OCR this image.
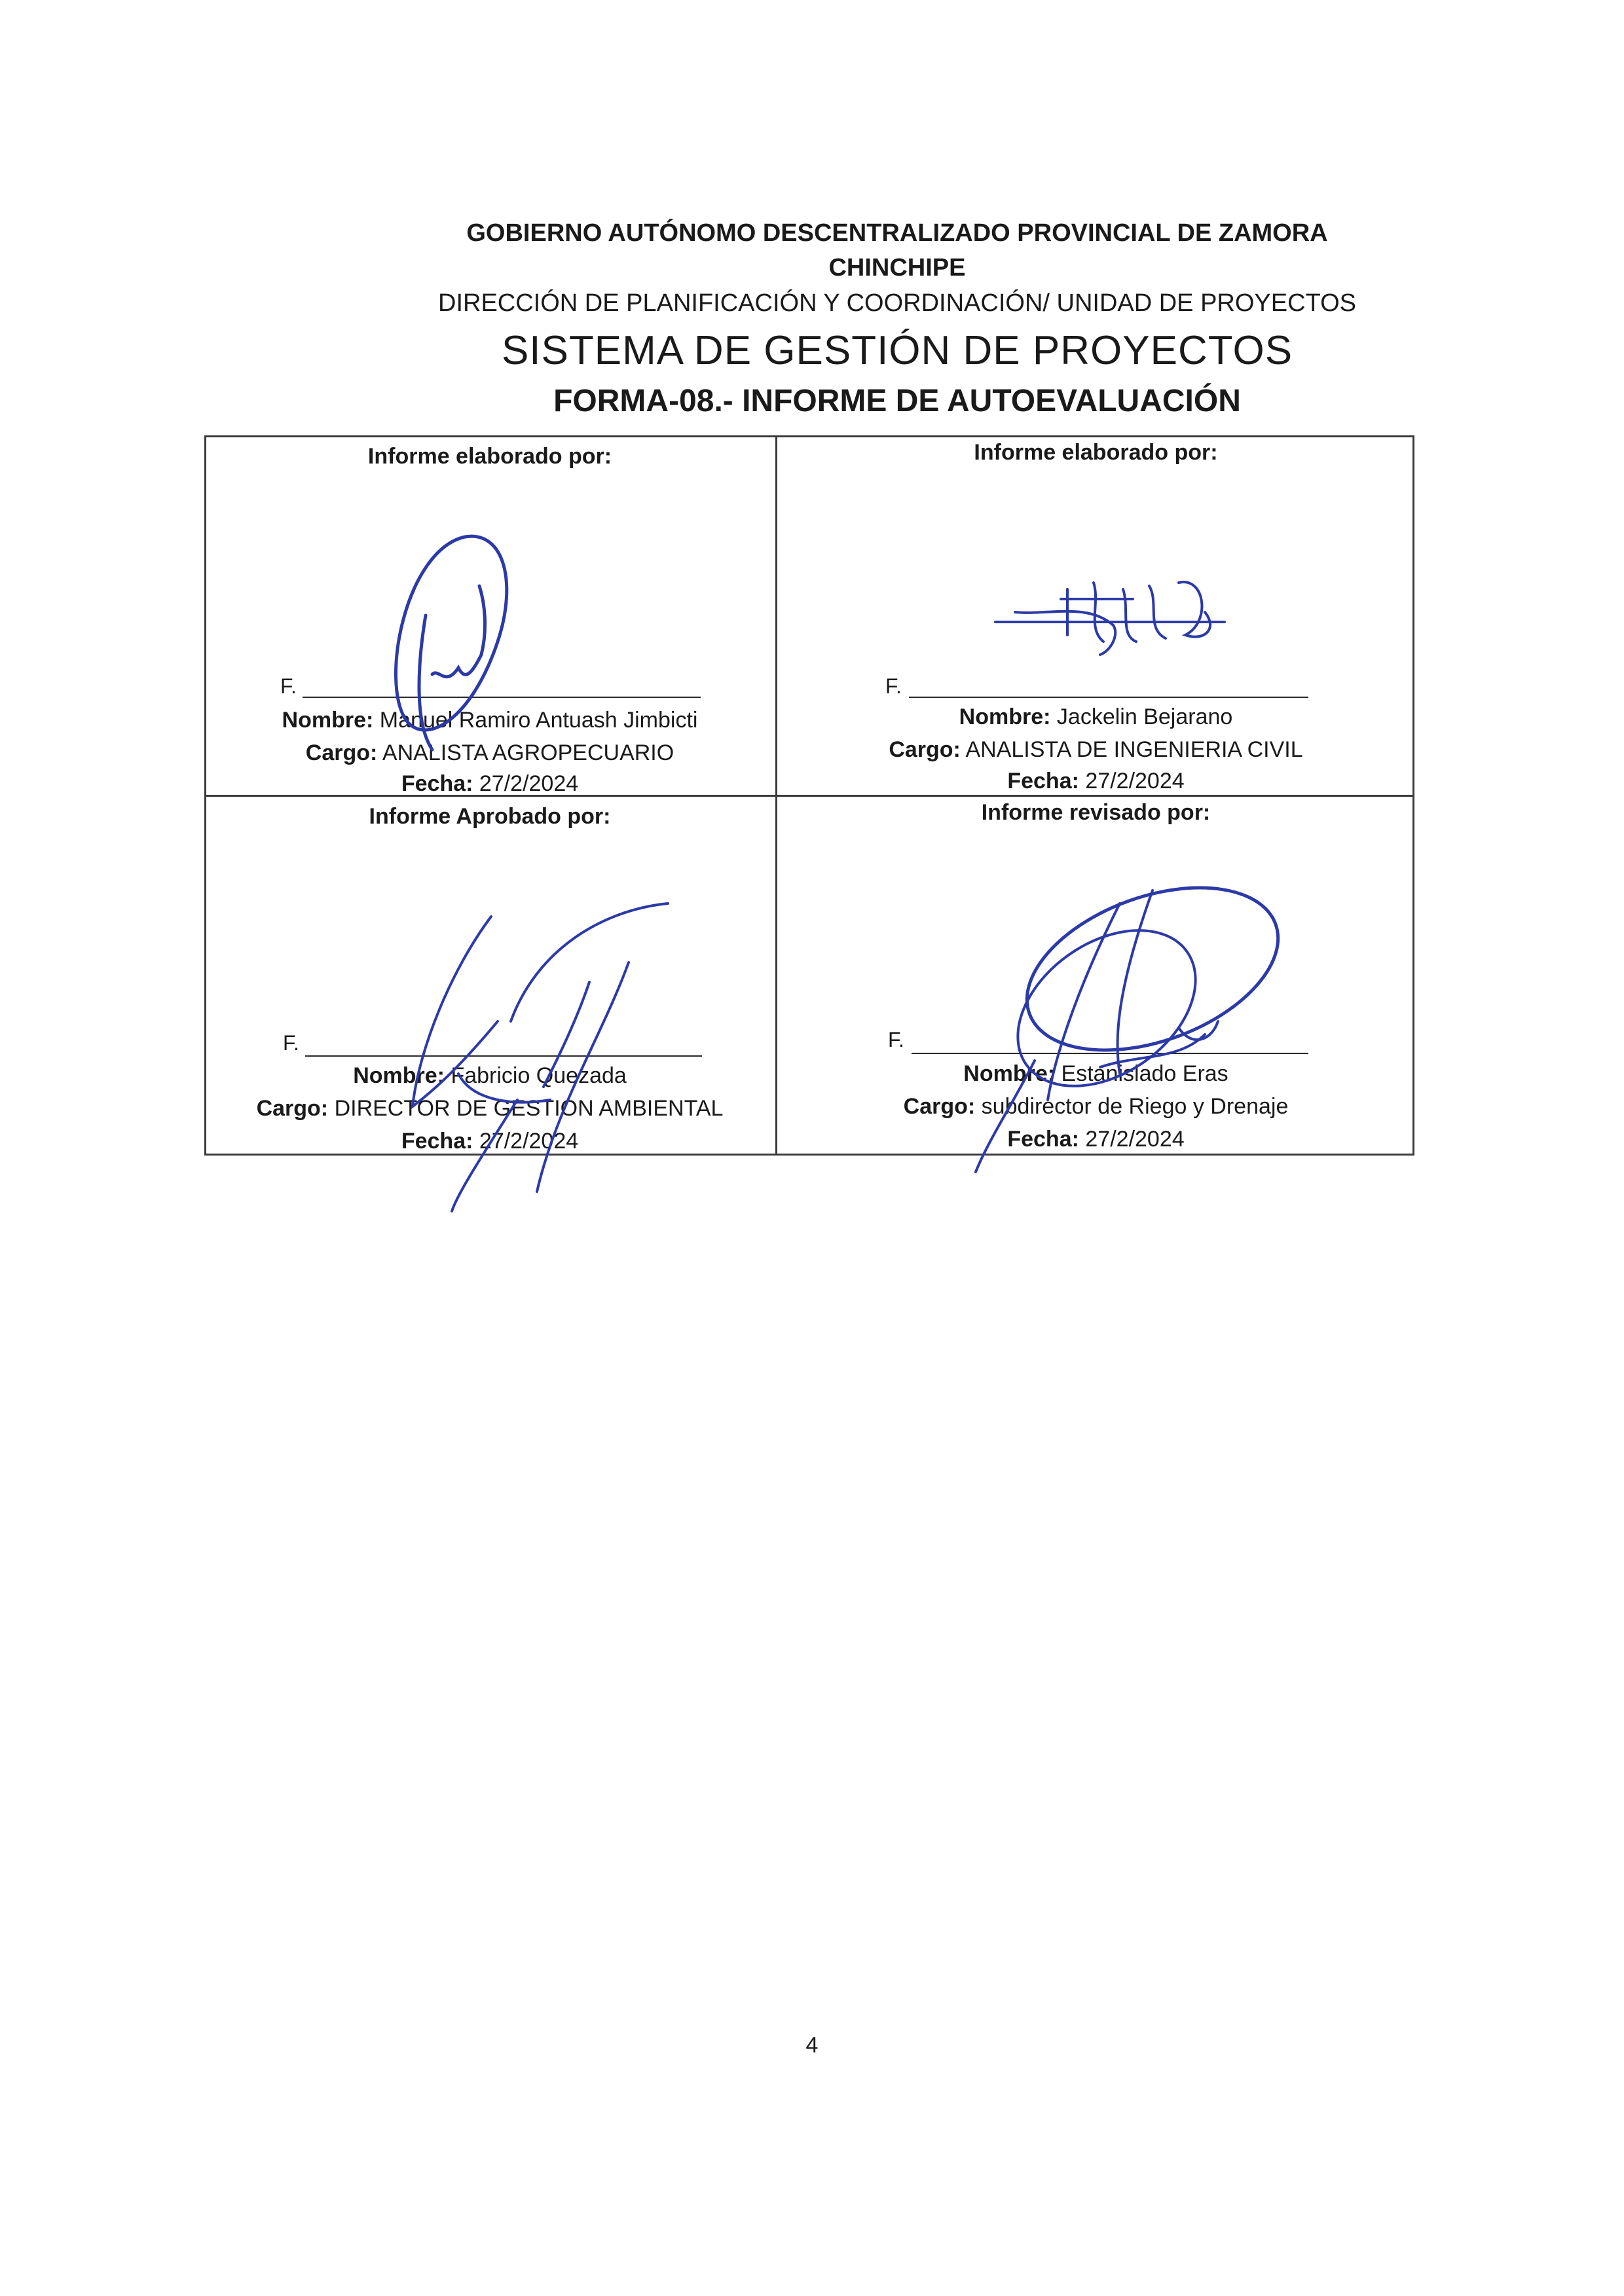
GOBIERNO AUTÓNOMO DESCENTRALIZADO PROVINCIAL DE ZAMORA
CHINCHIPE
DIRECCIÓN DE PLANIFICACIÓN Y COORDINACIÓN/ UNIDAD DE PROYECTOS
SISTEMA DE GESTIÓN DE PROYECTOS
FORMA-08.- INFORME DE AUTOEVALUACIÓN
Informe elaborado por:
F.
Nombre: Manuel Ramiro Antuash Jimbicti
Cargo: ANALISTA AGROPECUARIO
Fecha: 27/2/2024
Informe elaborado por:
F.
Nombre: Jackelin Bejarano
Cargo: ANALISTA DE INGENIERIA CIVIL
Fecha: 27/2/2024
Informe Aprobado por:
F.
Nombre: Fabricio Quezada
Cargo: DIRECTOR DE GESTION AMBIENTAL
Fecha: 27/2/2024
Informe revisado por:
F.
Nombre: Estanislado Eras
Cargo: subdirector de Riego y Drenaje
Fecha: 27/2/2024
4
